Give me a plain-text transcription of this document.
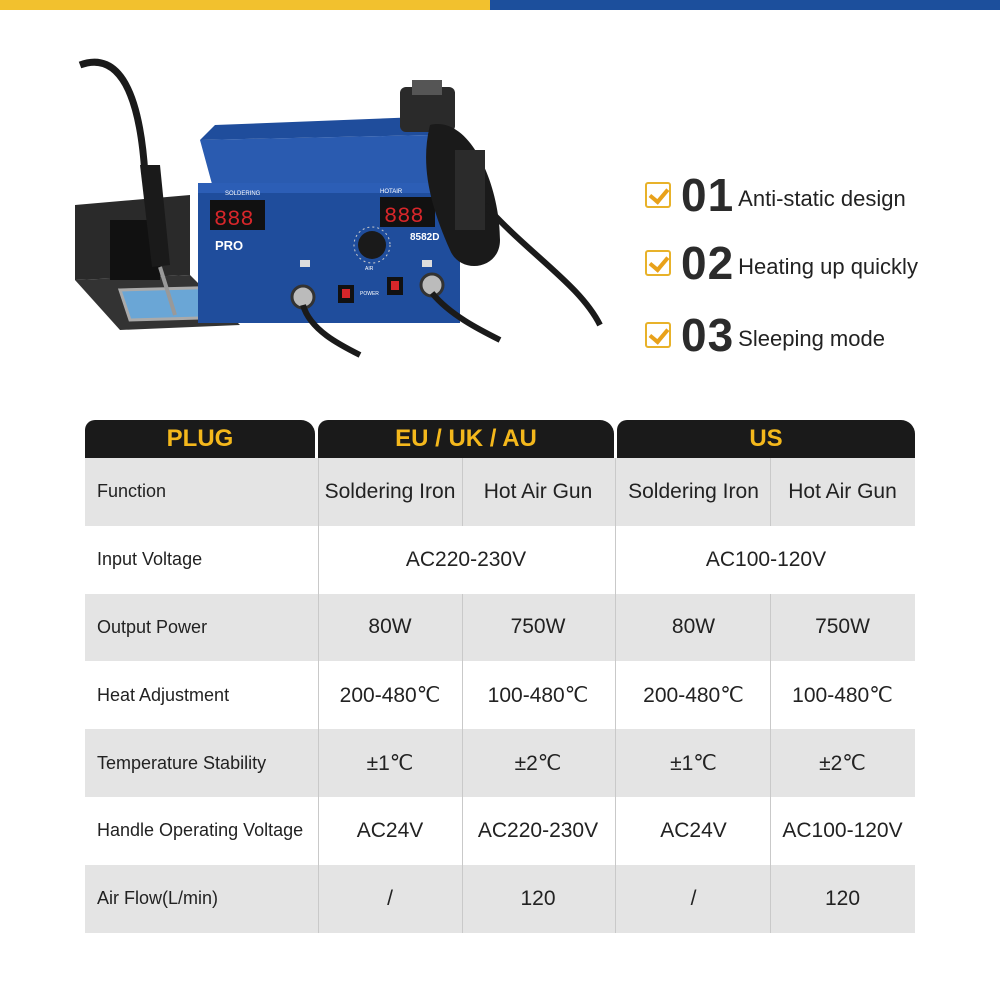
SOLDERING	HOTAIR
888	888
PRO
8582D
AIR
POWER
01 Anti-static design
02 Heating up quickly
03 Sleeping mode
PLUG	EU / UK / AU	US
Function	Soldering Iron	Hot Air Gun	Soldering Iron	Hot Air Gun
Input Voltage	AC220-230V	AC100-120V
Output Power	80W	750W	80W	750W
Heat Adjustment	200-480℃	100-480℃	200-480℃	100-480℃
Temperature Stability	±1℃	±2℃	±1℃	±2℃
Handle Operating Voltage	AC24V	AC220-230V	AC24V	AC100-120V
Air Flow(L/min)	/	120	/	120
